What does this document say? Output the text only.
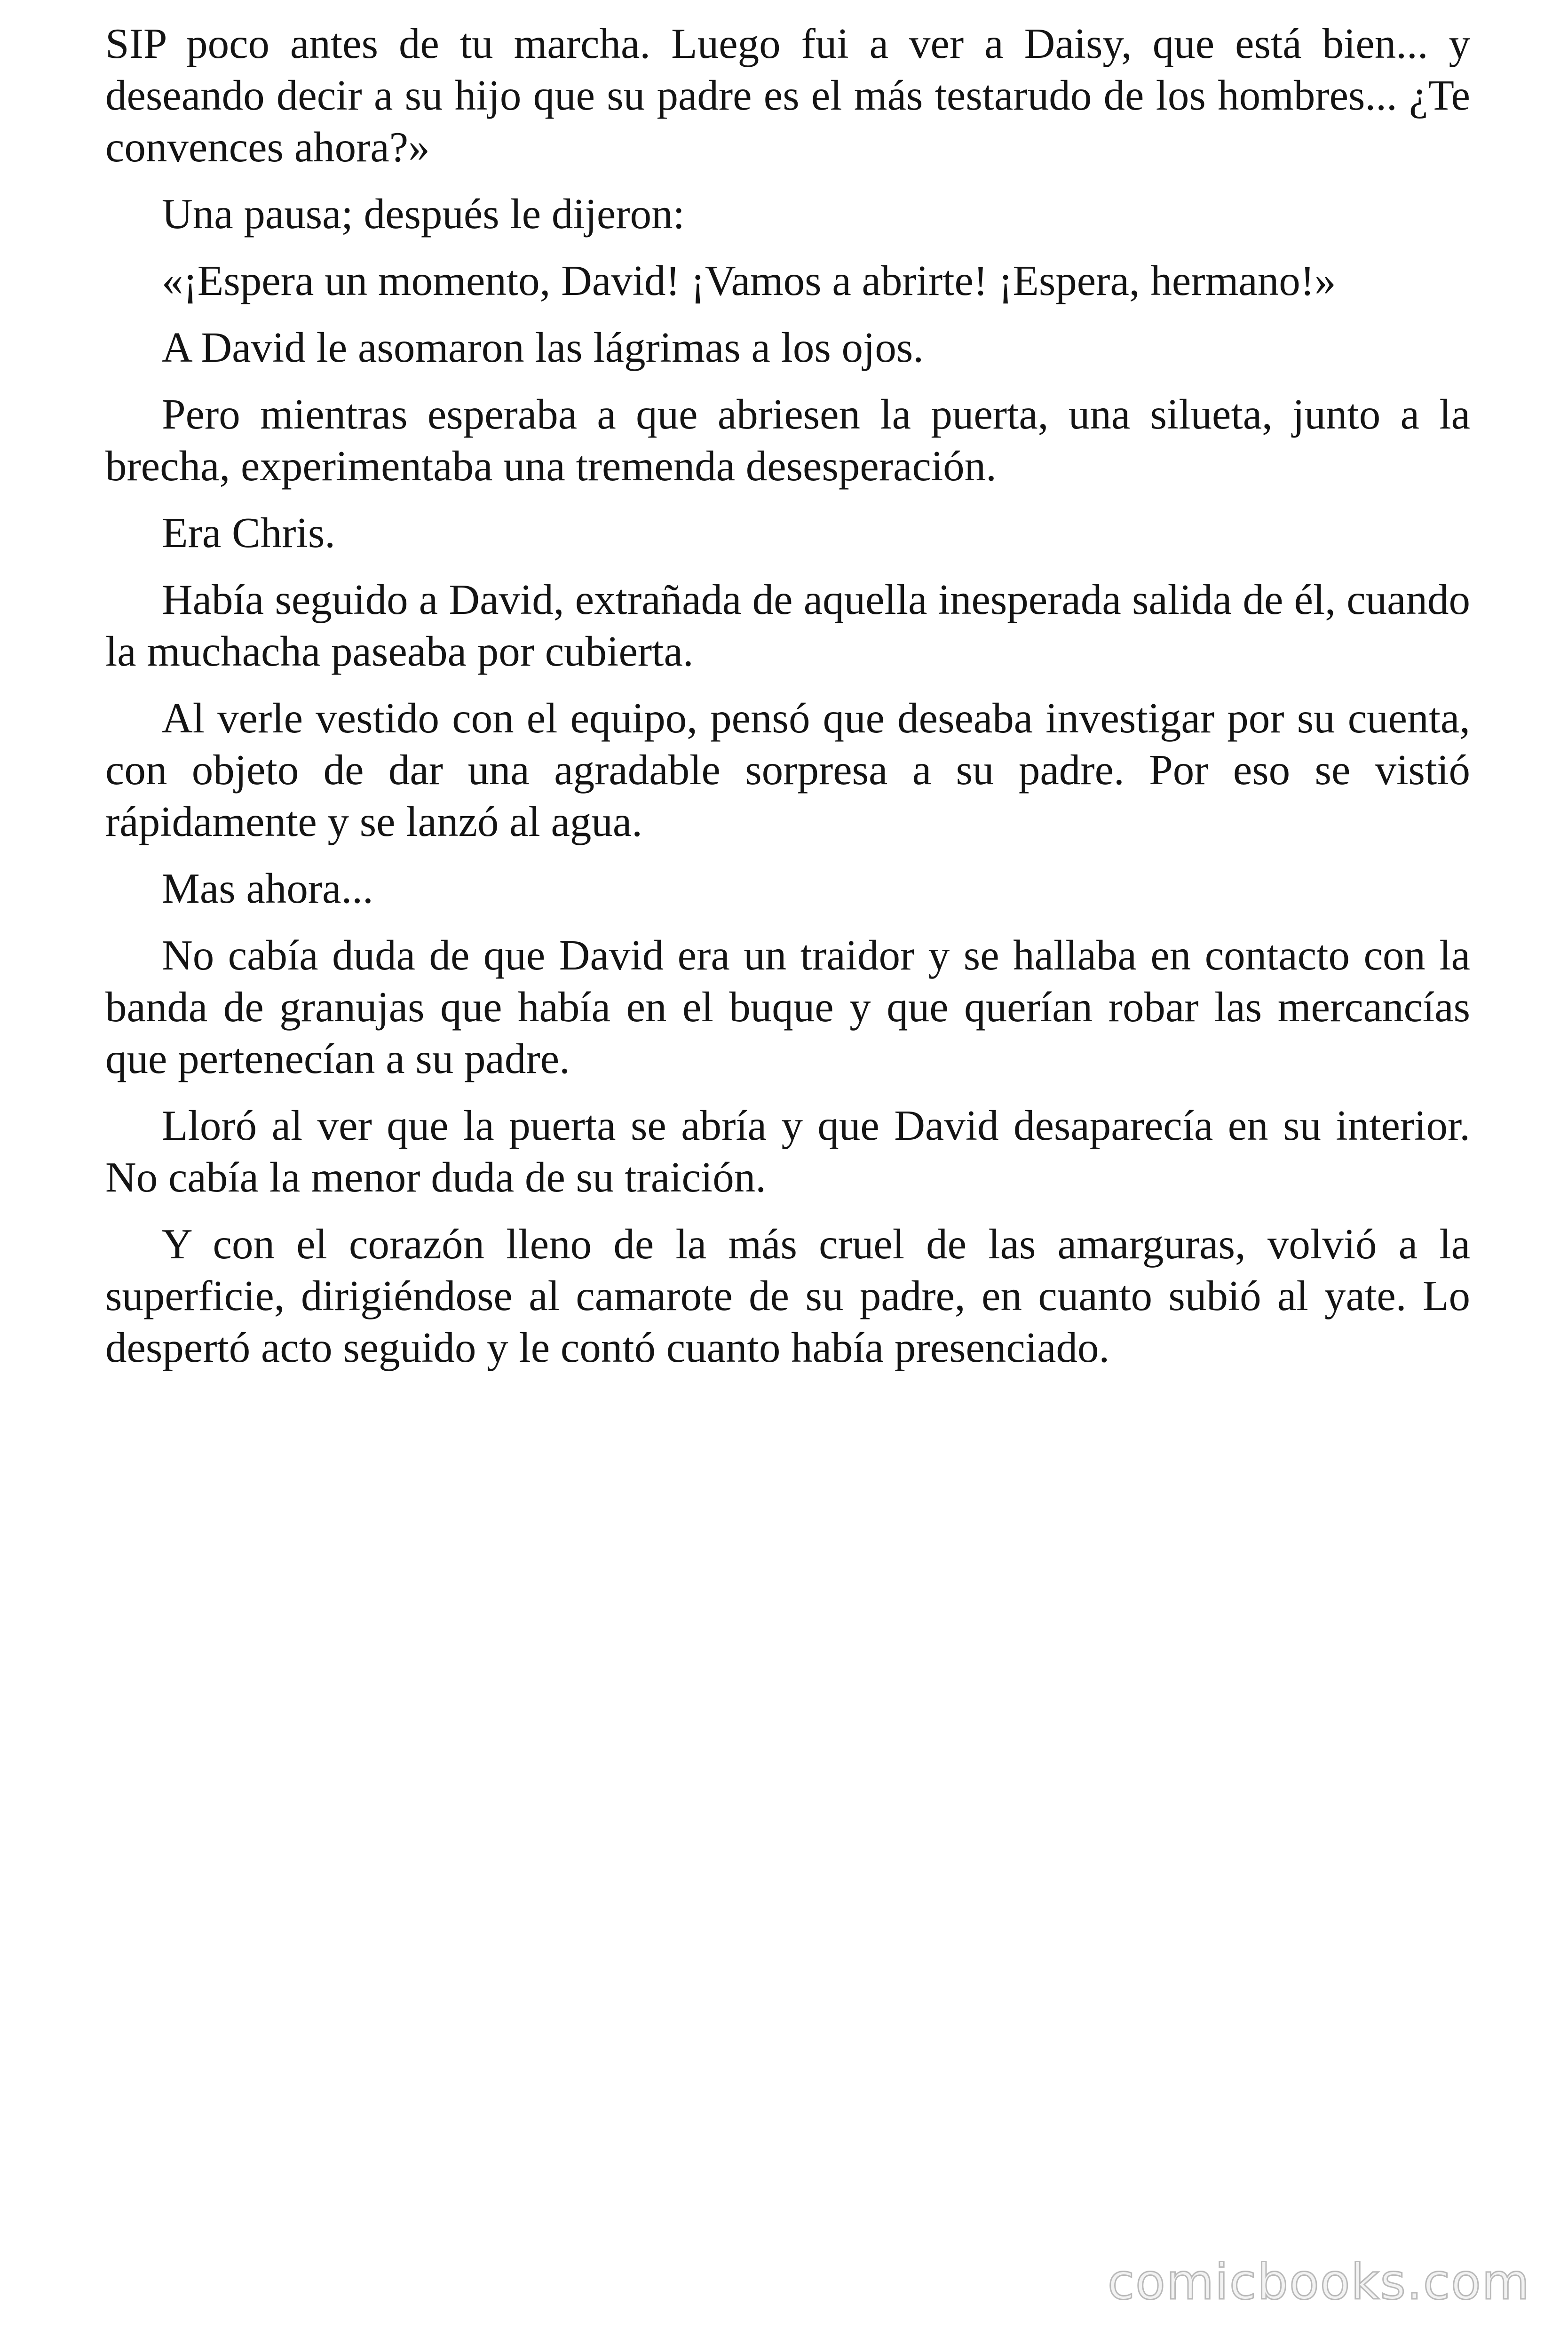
SIP poco antes de tu marcha. Luego fui a ver a Daisy, que está bien... y deseando decir a su hijo que su padre es el más testarudo de los hombres... ¿Te convences ahora?»

Una pausa; después le dijeron:

«¡Espera un momento, David! ¡Vamos a abrirte! ¡Espera, hermano!»

A David le asomaron las lágrimas a los ojos.

Pero mientras esperaba a que abriesen la puerta, una silueta, junto a la brecha, experimentaba una tremenda desesperación.

Era Chris.

Había seguido a David, extrañada de aquella inesperada salida de él, cuando la muchacha paseaba por cubierta.

Al verle vestido con el equipo, pensó que deseaba investigar por su cuenta, con objeto de dar una agradable sorpresa a su padre. Por eso se vistió rápidamente y se lanzó al agua.

Mas ahora...

No cabía duda de que David era un traidor y se hallaba en contacto con la banda de granujas que había en el buque y que querían robar las mercancías que pertenecían a su padre.

Lloró al ver que la puerta se abría y que David desaparecía en su interior. No cabía la menor duda de su traición.

Y con el corazón lleno de la más cruel de las amarguras, volvió a la superficie, dirigiéndose al camarote de su padre, en cuanto subió al yate. Lo despertó acto seguido y le contó cuanto había presenciado.

comicbooks.com
